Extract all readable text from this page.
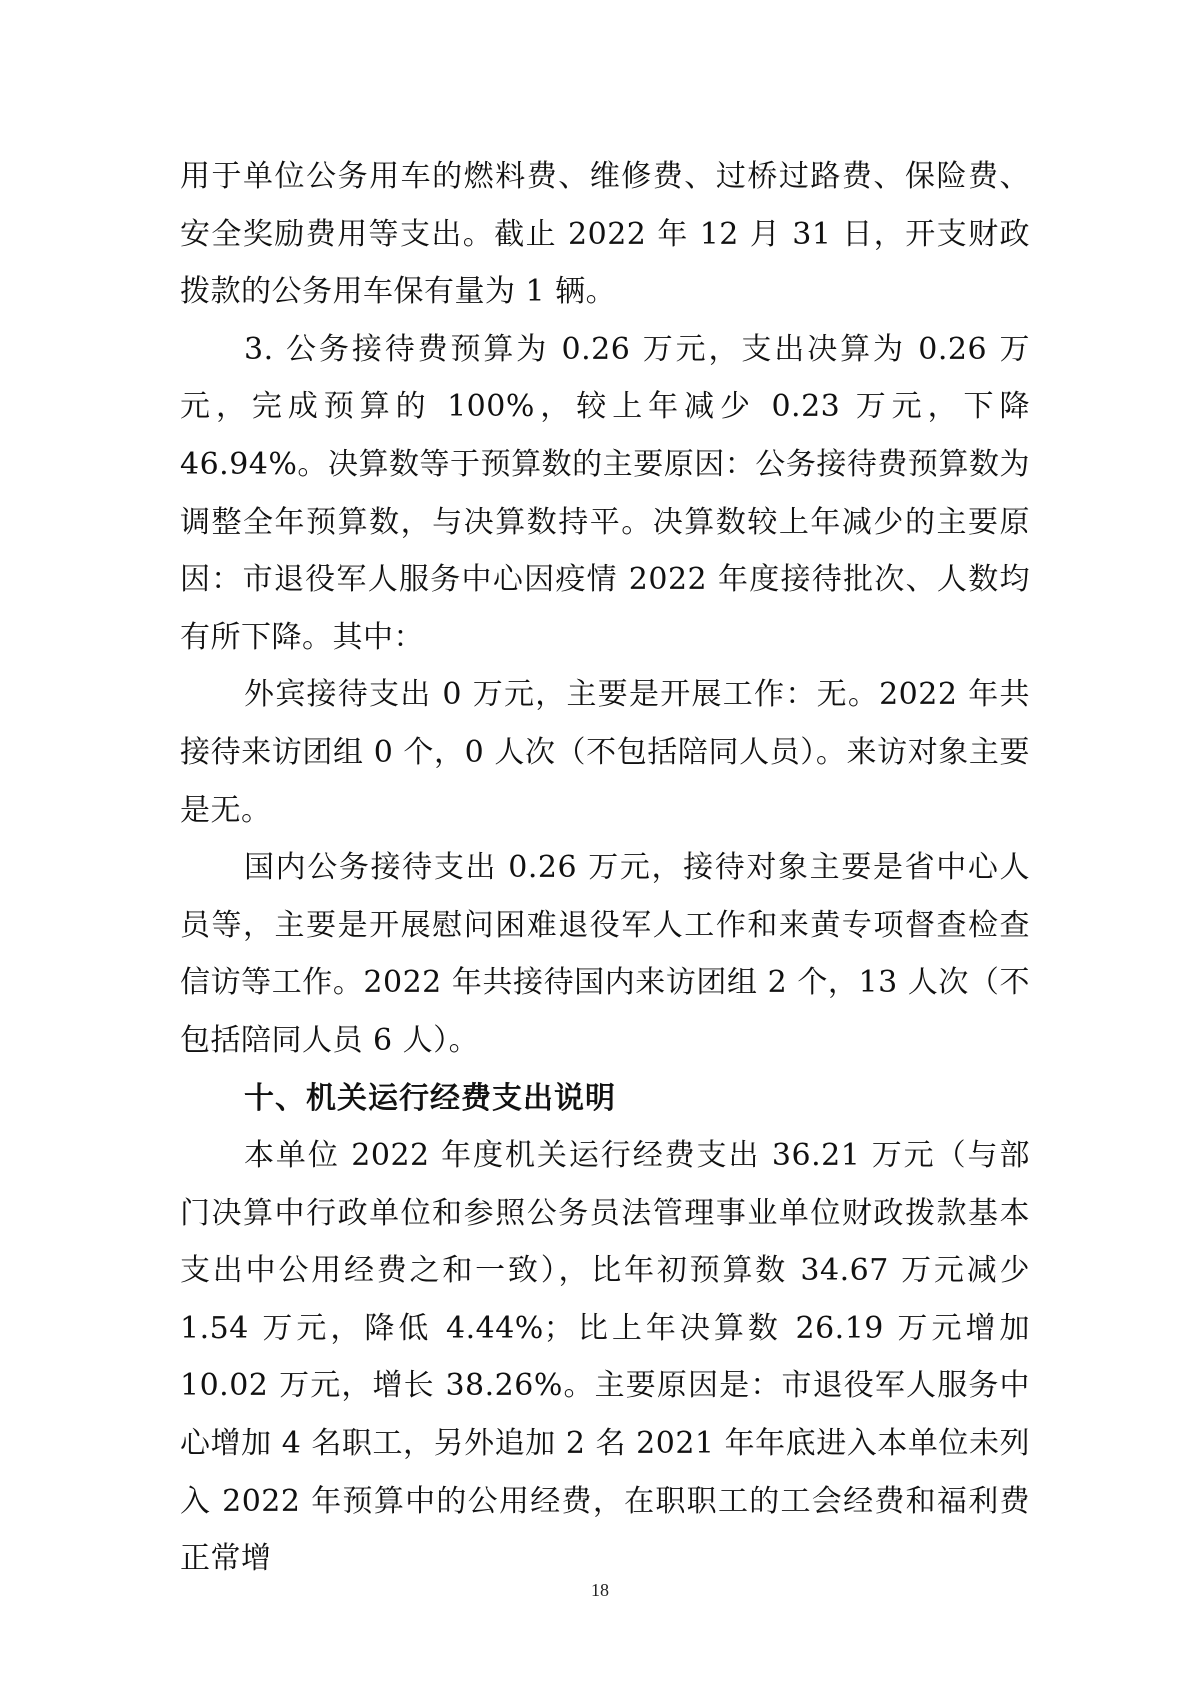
用于单位公务用车的燃料费、维修费、过桥过路费、保险费、安全奖励费用等支出。截止 2022 年 12 月 31 日，开支财政拨款的公务用车保有量为 1 辆。

3. 公务接待费预算为 0.26 万元，支出决算为 0.26 万元，完成预算的 100%，较上年减少 0.23 万元，下降 46.94%。决算数等于预算数的主要原因：公务接待费预算数为调整全年预算数，与决算数持平。决算数较上年减少的主要原因：市退役军人服务中心因疫情 2022 年度接待批次、人数均有所下降。其中：

外宾接待支出 0 万元，主要是开展工作：无。2022 年共接待来访团组 0 个，0 人次（不包括陪同人员）。来访对象主要是无。

国内公务接待支出 0.26 万元，接待对象主要是省中心人员等，主要是开展慰问困难退役军人工作和来黄专项督查检查信访等工作。2022 年共接待国内来访团组 2 个，13 人次（不包括陪同人员 6 人）。

十、机关运行经费支出说明

本单位 2022 年度机关运行经费支出 36.21 万元（与部门决算中行政单位和参照公务员法管理事业单位财政拨款基本支出中公用经费之和一致），比年初预算数 34.67 万元减少 1.54 万元，降低 4.44%；比上年决算数 26.19 万元增加 10.02 万元，增长 38.26%。主要原因是：市退役军人服务中心增加 4 名职工，另外追加 2 名 2021 年年底进入本单位未列入 2022 年预算中的公用经费，在职职工的工会经费和福利费正常增

18
